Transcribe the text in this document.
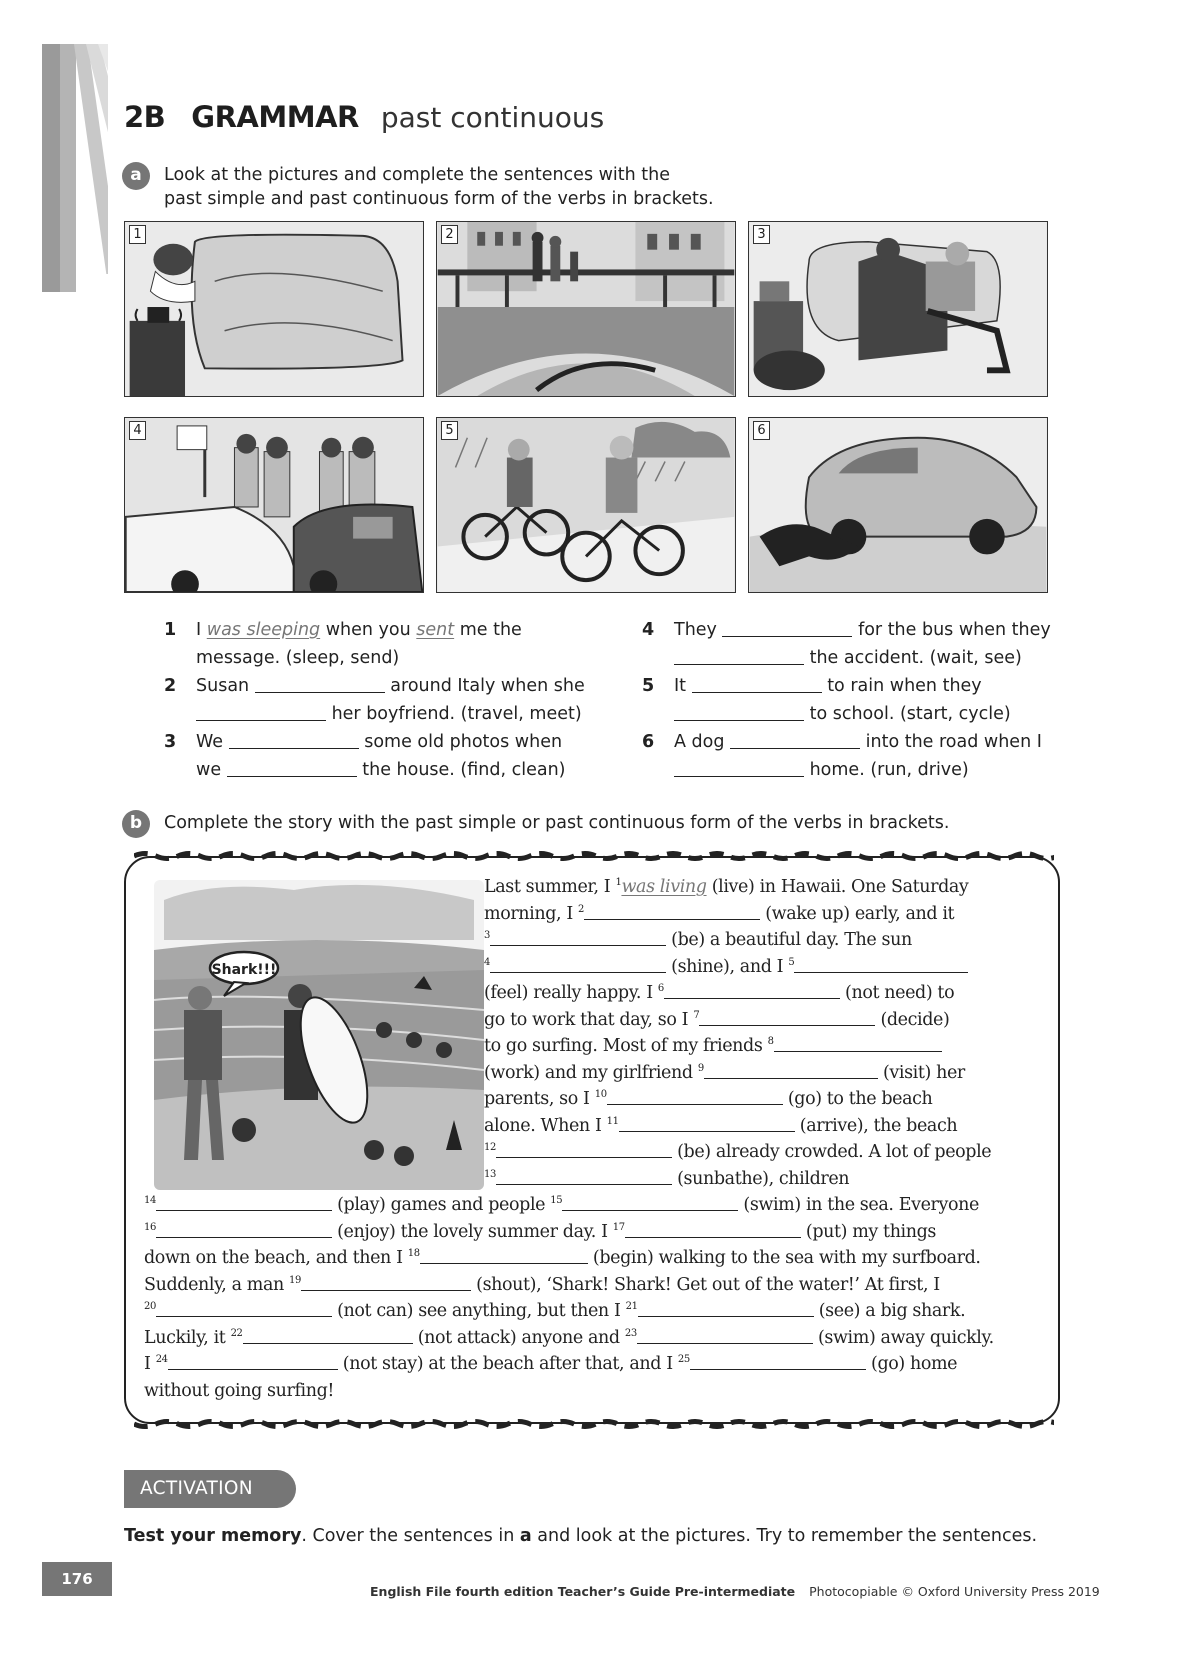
2B GRAMMAR past continuous
a	Look at the pictures and complete the sentences with the
past simple and past continuous form of the verbs in brackets.
1	2	3
4	5	6
1 I was sleeping when you sent me the
message. (sleep, send)
2 Susan	around Italy when she
her boyfriend. (travel, meet)
3 We	some old photos when
we	the house. (find, clean)
4 They	for the bus when they
the accident. (wait, see)
5 It	to rain when they
to school. (start, cycle)
6 A dog	into the road when I
home. (run, drive)
b	Complete the story with the past simple or past continuous form of the verbs in brackets.
Shark!!!
Last summer, I $^1$was living (live) in Hawaii. One Saturday
morning, I $^2$	(wake up) early, and it
$^3$	(be) a beautiful day. The sun
$^4$	(shine), and I $^5$
(feel) really happy. I $^6$	(not need) to
go to work that day, so I $^7$	(decide)
to go surfing. Most of my friends $^8$
(work) and my girlfriend $^9$	(visit) her
parents, so I $^{10}$	(go) to the beach
alone. When I $^{11}$	(arrive), the beach
$^{12}$	(be) already crowded. A lot of people
$^{13}$	(sunbathe), children
$^{14}$	(play) games and people $^{15}$	(swim) in the sea. Everyone
$^{16}$	(enjoy) the lovely summer day. I $^{17}$	(put) my things
down on the beach, and then I $^{18}$	(begin) walking to the sea with my surfboard.
Suddenly, a man $^{19}$	(shout), ‘Shark! Shark! Get out of the water!’ At first, I
$^{20}$	(not can) see anything, but then I $^{21}$	(see) a big shark.
Luckily, it $^{22}$	(not attack) anyone and $^{23}$	(swim) away quickly.
I $^{24}$	(not stay) at the beach after that, and I $^{25}$	(go) home
without going surfing!
ACTIVATION
Test your memory. Cover the sentences in a and look at the pictures. Try to remember the sentences.
176
English File fourth edition Teacher’s Guide Pre-intermediate Photocopiable © Oxford University Press 2019
